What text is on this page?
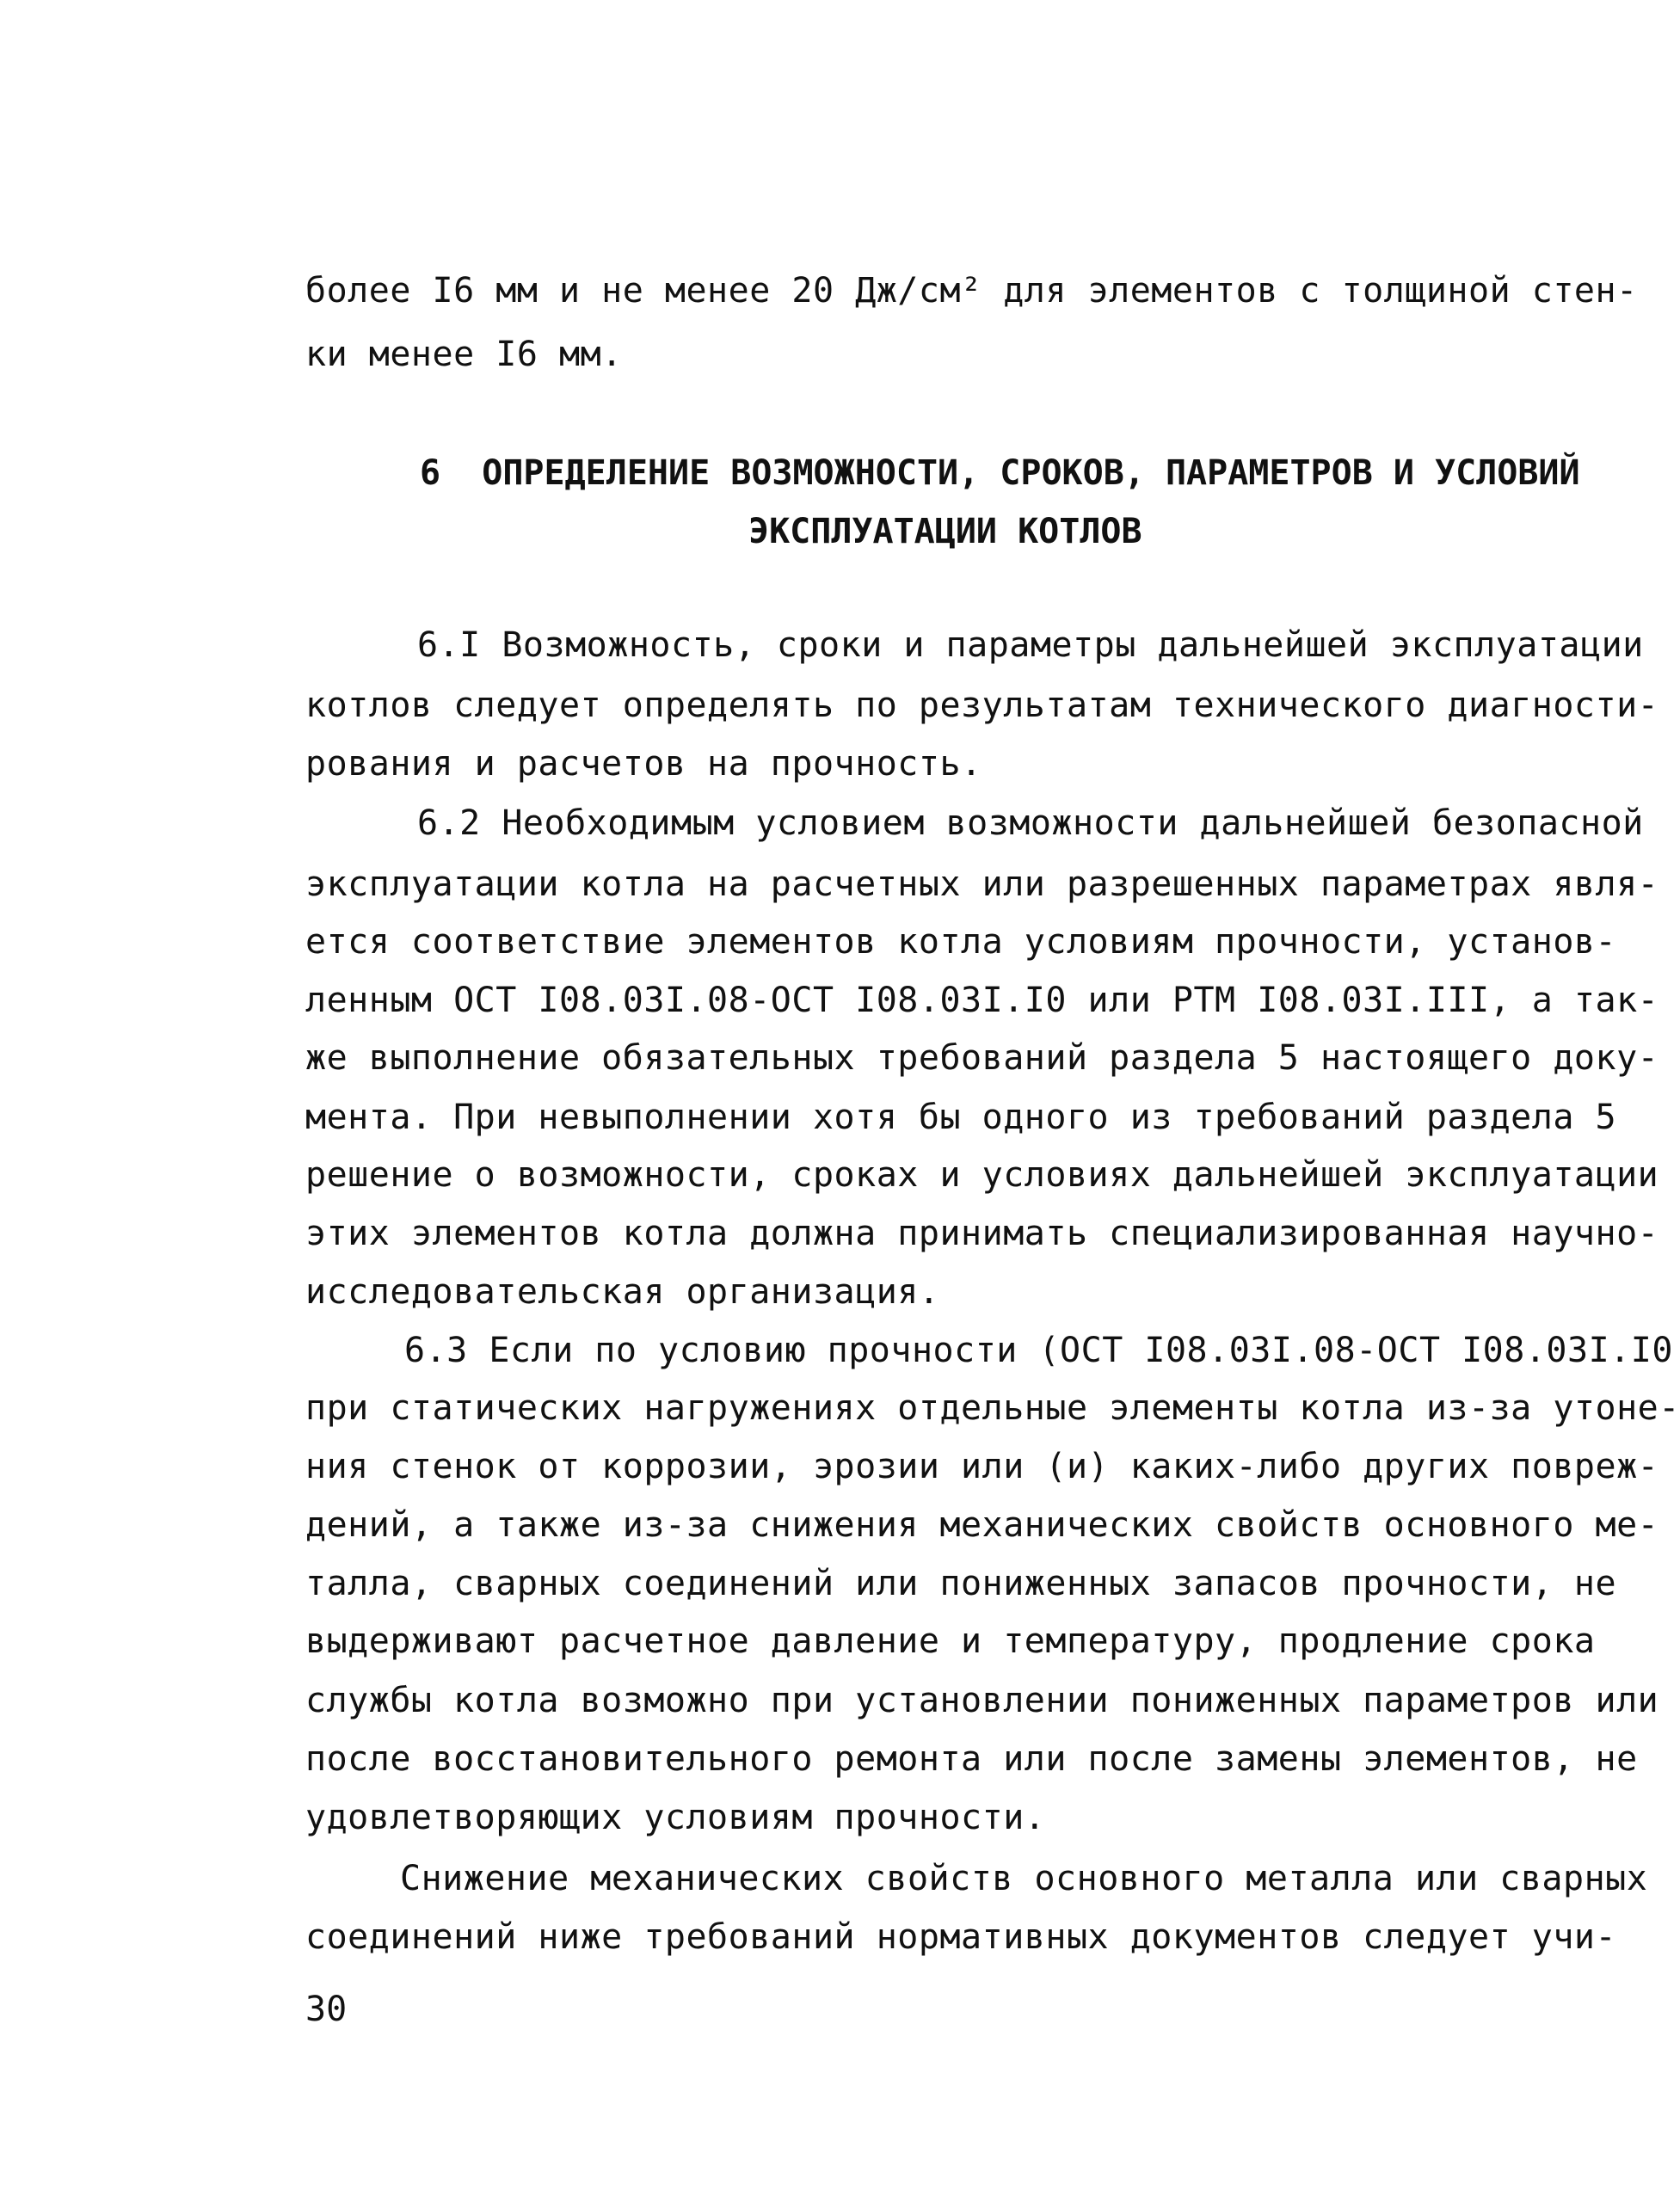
более I6 мм и не менее 20 Дж/см² для элементов с толщиной стен-
ки менее I6 мм.
6  ОПРЕДЕЛЕНИЕ ВОЗМОЖНОСТИ, СРОКОВ, ПАРАМЕТРОВ И УСЛОВИЙ
ЭКСПЛУАТАЦИИ КОТЛОВ
6.I Возможность, сроки и параметры дальнейшей эксплуатации
котлов следует определять по результатам технического диагности-
рования и расчетов на прочность.
6.2 Необходимым условием возможности дальнейшей безопасной
эксплуатации котла на расчетных или разрешенных параметрах явля-
ется соответствие элементов котла условиям прочности, установ-
ленным ОСТ I08.03I.08-ОСТ I08.03I.I0 или РТМ I08.03I.III, а так-
же выполнение обязательных требований раздела 5 настоящего доку-
мента. При невыполнении хотя бы одного из требований раздела 5
решение о возможности, сроках и условиях дальнейшей эксплуатации
этих элементов котла должна принимать специализированная научно-
исследовательская организация.
6.3 Если по условию прочности (ОСТ I08.03I.08-ОСТ I08.03I.I0
при статических нагружениях отдельные элементы котла из-за утоне-
ния стенок от коррозии, эрозии или (и) каких-либо других повреж-
дений, а также из-за снижения механических свойств основного ме-
талла, сварных соединений или пониженных запасов прочности, не
выдерживают расчетное давление и температуру, продление срока
службы котла возможно при установлении пониженных параметров или
после восстановительного ремонта или после замены элементов, не
удовлетворяющих условиям прочности.
Снижение механических свойств основного металла или сварных
соединений ниже требований нормативных документов следует учи-
30
